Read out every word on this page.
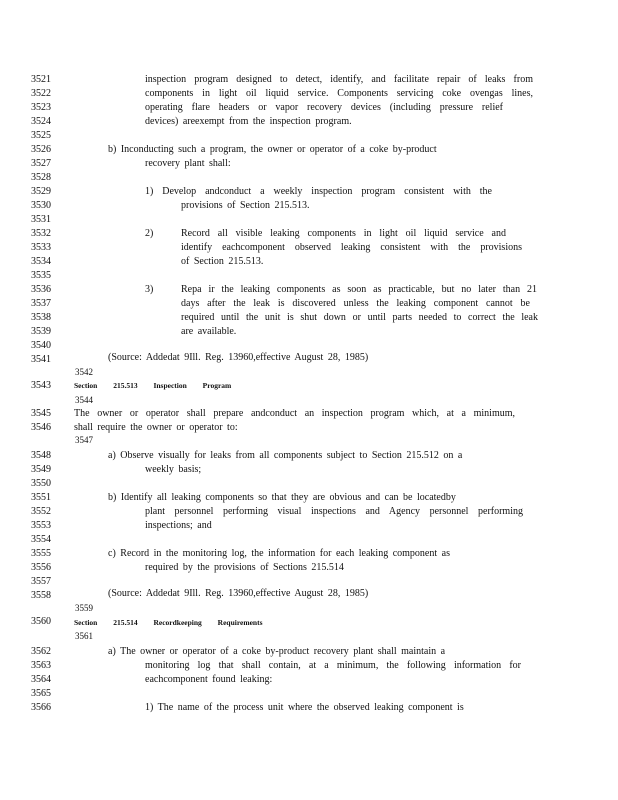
3521
3522
3523
3524
3525
3526
3527
3528
3529
3530
3531
3532
3533
3534
3535
3536
3537
3538
3539
3540
3541
3542
3543
3544
3545
3546
3547
3548
3549
3550
3551
3552
3553
3554
3555
3556
3557
3558
3559
3560
3561
3562
3563
3564
3565
3566
inspection program designed to detect, identify, and facilitate repair of leaks from
components in light oil liquid service. Components servicing coke ovengas lines,
operating flare headers or vapor recovery devices (including pressure relief
devices) areexempt from the inspection program.
b) Inconducting such a program, the owner or operator of a coke by-product
recovery plant shall:
1) Develop andconduct a weekly inspection program consistent with the
provisions of Section 215.513.
2)	Record all visible leaking components in light oil liquid service and
identify eachcomponent observed leaking consistent with the provisions
of Section 215.513.
3)	Repa ir the leaking components as soon as practicable, but no later than 21
days after the leak is discovered unless the leaking component cannot be
required until the unit is shut down or until parts needed to correct the leak
are available.
(Source: Addedat 9Ill. Reg. 13960,effective August 28, 1985)
Section 215.513 Inspection Program
The owner or operator shall prepare andconduct an inspection program which, at a minimum,
shall require the owner or operator to:
a) Observe visually for leaks from all components subject to Section 215.512 on a
weekly basis;
b) Identify all leaking components so that they are obvious and can be locatedby
plant personnel performing visual inspections and Agency personnel performing
inspections; and
c) Record in the monitoring log, the information for each leaking component as
required by the provisions of Sections 215.514
(Source: Addedat 9Ill. Reg. 13960,effective August 28, 1985)
Section 215.514 Recordkeeping Requirements
a) The owner or operator of a coke by-product recovery plant shall maintain a
monitoring log that shall contain, at a minimum, the following information for
eachcomponent found leaking:
1) The name of the process unit where the observed leaking component is
